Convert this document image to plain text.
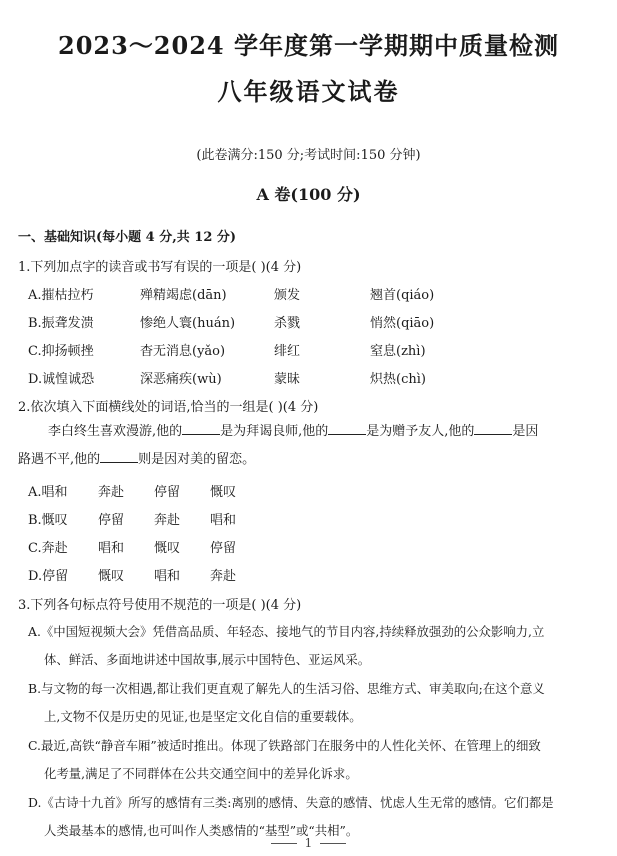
2023～2024 学年度第一学期期中质量检测
八年级语文试卷
(此卷满分:150 分;考试时间:150 分钟)
A 卷(100 分)
一、基础知识(每小题 4 分,共 12 分)
1.下列加点字的读音或书写有误的一项是( )(4 分)
A.摧枯拉朽	殚精竭虑(dān)	颁发	翘首(qiáo)
B.振聋发溃	惨绝人寰(huán)	杀戮	悄然(qiāo)
C.抑扬顿挫	杳无消息(yǎo)	绯红	窒息(zhì)
D.诚惶诚恐	深恶痛疾(wù)	蒙昧	炽热(chì)
2.依次填入下面横线处的词语,恰当的一组是( )(4 分)
李白终生喜欢漫游,他的	是为拜谒良师,他的	是为赠予友人,他的	是因
路遇不平,他的	则是因对美的留恋。
A.唱和 奔赴 停留 慨叹
B.慨叹 停留 奔赴 唱和
C.奔赴 唱和 慨叹 停留
D.停留 慨叹 唱和 奔赴
3.下列各句标点符号使用不规范的一项是( )(4 分)
A.《中国短视频大会》凭借高品质、年轻态、接地气的节目内容,持续释放强劲的公众影响力,立
体、鲜活、多面地讲述中国故事,展示中国特色、亚运风采。
B.与文物的每一次相遇,都让我们更直观了解先人的生活习俗、思维方式、审美取向;在这个意义
上,文物不仅是历史的见证,也是坚定文化自信的重要载体。
C.最近,高铁“静音车厢”被适时推出。体现了铁路部门在服务中的人性化关怀、在管理上的细致
化考量,满足了不同群体在公共交通空间中的差异化诉求。
D.《古诗十九首》所写的感情有三类:离别的感情、失意的感情、忧虑人生无常的感情。它们都是
人类最基本的感情,也可叫作人类感情的“基型”或“共相”。
1
